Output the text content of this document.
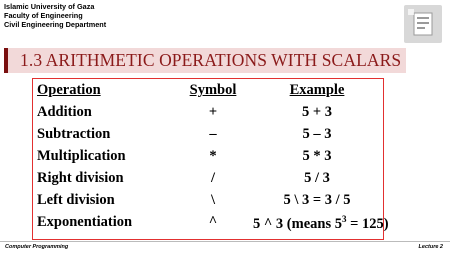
Islamic University of Gaza
Faculty of Engineering
Civil Engineering Department
1.3 ARITHMETIC OPERATIONS WITH SCALARS
Operation	Symbol	Example
Addition	+	5 + 3
Subtraction	–	5 – 3
Multiplication	*	5 * 3
Right division	/	5 / 3
Left division	\	5 \ 3 = 3 / 5
Exponentiation	^	5 ^ 3 (means $5^3 = 125$)
Computer Programming	Lecture 2
